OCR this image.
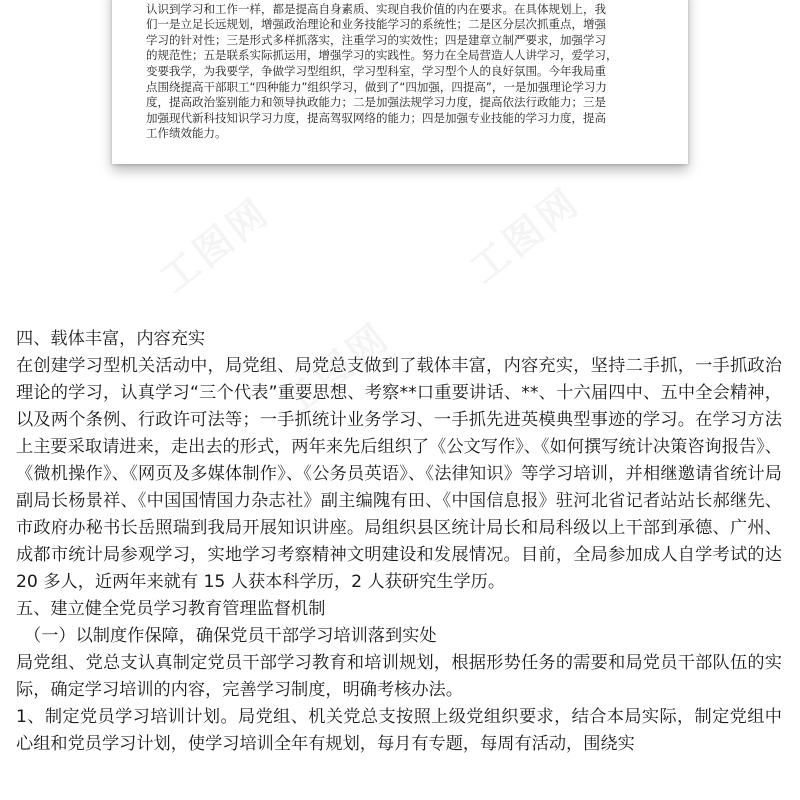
工图网
工图网
工图网
认识到学习和工作一样，都是提高自身素质、实现自我价值的内在要求。在具体规划上，我
们一是立足长远规划，增强政治理论和业务技能学习的系统性；二是区分层次抓重点，增强
学习的针对性；三是形式多样抓落实，注重学习的实效性；四是建章立制严要求，加强学习
的规范性；五是联系实际抓运用，增强学习的实践性。努力在全局营造人人讲学习，爱学习，
变要我学，为我要学，争做学习型组织，学习型科室，学习型个人的良好氛围。今年我局重
点围绕提高干部职工“四种能力”组织学习，做到了“四加强，四提高”，一是加强理论学习力
度，提高政治鉴别能力和领导执政能力；二是加强法规学习力度，提高依法行政能力；三是
加强现代新科技知识学习力度，提高驾驭网络的能力；四是加强专业技能的学习力度，提高
工作绩效能力。

四、载体丰富，内容充实

在创建学习型机关活动中，局党组、局党总支做到了载体丰富，内容充实，坚持二手抓，一手抓政治理论的学习，认真学习“三个代表”重要思想、考察**口重要讲话、**、十六届四中、五中全会精神，以及两个条例、行政许可法等；一手抓统计业务学习、一手抓先进英模典型事迹的学习。在学习方法上主要采取请进来，走出去的形式，两年来先后组织了《公文写作》、《如何撰写统计决策咨询报告》、《微机操作》、《网页及多媒体制作》、《公务员英语》、《法律知识》等学习培训，并相继邀请省统计局副局长杨景祥、《中国国情国力杂志社》副主编隗有田、《中国信息报》驻河北省记者站站长郝继先、市政府办秘书长岳照瑞到我局开展知识讲座。局组织县区统计局长和局科级以上干部到承德、广州、成都市统计局参观学习，实地学习考察精神文明建设和发展情况。目前，全局参加成人自学考试的达 20 多人，近两年来就有 15 人获本科学历，2 人获研究生学历。

五、建立健全党员学习教育管理监督机制

（一）以制度作保障，确保党员干部学习培训落到实处

局党组、党总支认真制定党员干部学习教育和培训规划，根据形势任务的需要和局党员干部队伍的实际，确定学习培训的内容，完善学习制度，明确考核办法。

1、制定党员学习培训计划。局党组、机关党总支按照上级党组织要求，结合本局实际，制定党组中心组和党员学习计划，使学习培训全年有规划，每月有专题，每周有活动，围绕实
